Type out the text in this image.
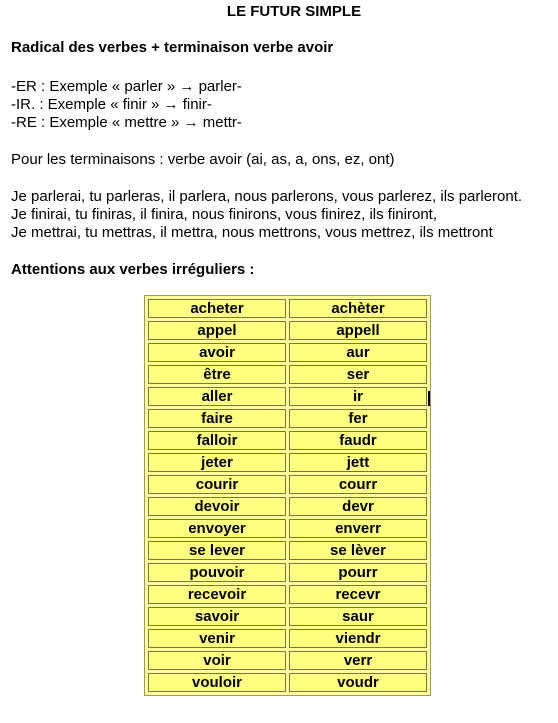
LE FUTUR SIMPLE
Radical des verbes + terminaison verbe avoir
-ER : Exemple « parler » → parler-
-IR. : Exemple « finir » → finir-
-RE : Exemple « mettre » → mettr-
Pour les terminaisons : verbe avoir (ai, as, a, ons, ez, ont)
Je parlerai, tu parleras, il parlera, nous parlerons, vous parlerez, ils parleront.
Je finirai, tu finiras, il finira, nous finirons, vous finirez, ils finiront,
Je mettrai, tu mettras, il mettra, nous mettrons, vous mettrez, ils mettront
Attentions aux verbes irréguliers :
acheter	achèter
appel	appell
avoir	aur
être	ser
aller	ir
faire	fer
falloir	faudr
jeter	jett
courir	courr
devoir	devr
envoyer	enverr
se lever	se lèver
pouvoir	pourr
recevoir	recevr
savoir	saur
venir	viendr
voir	verr
vouloir	voudr
